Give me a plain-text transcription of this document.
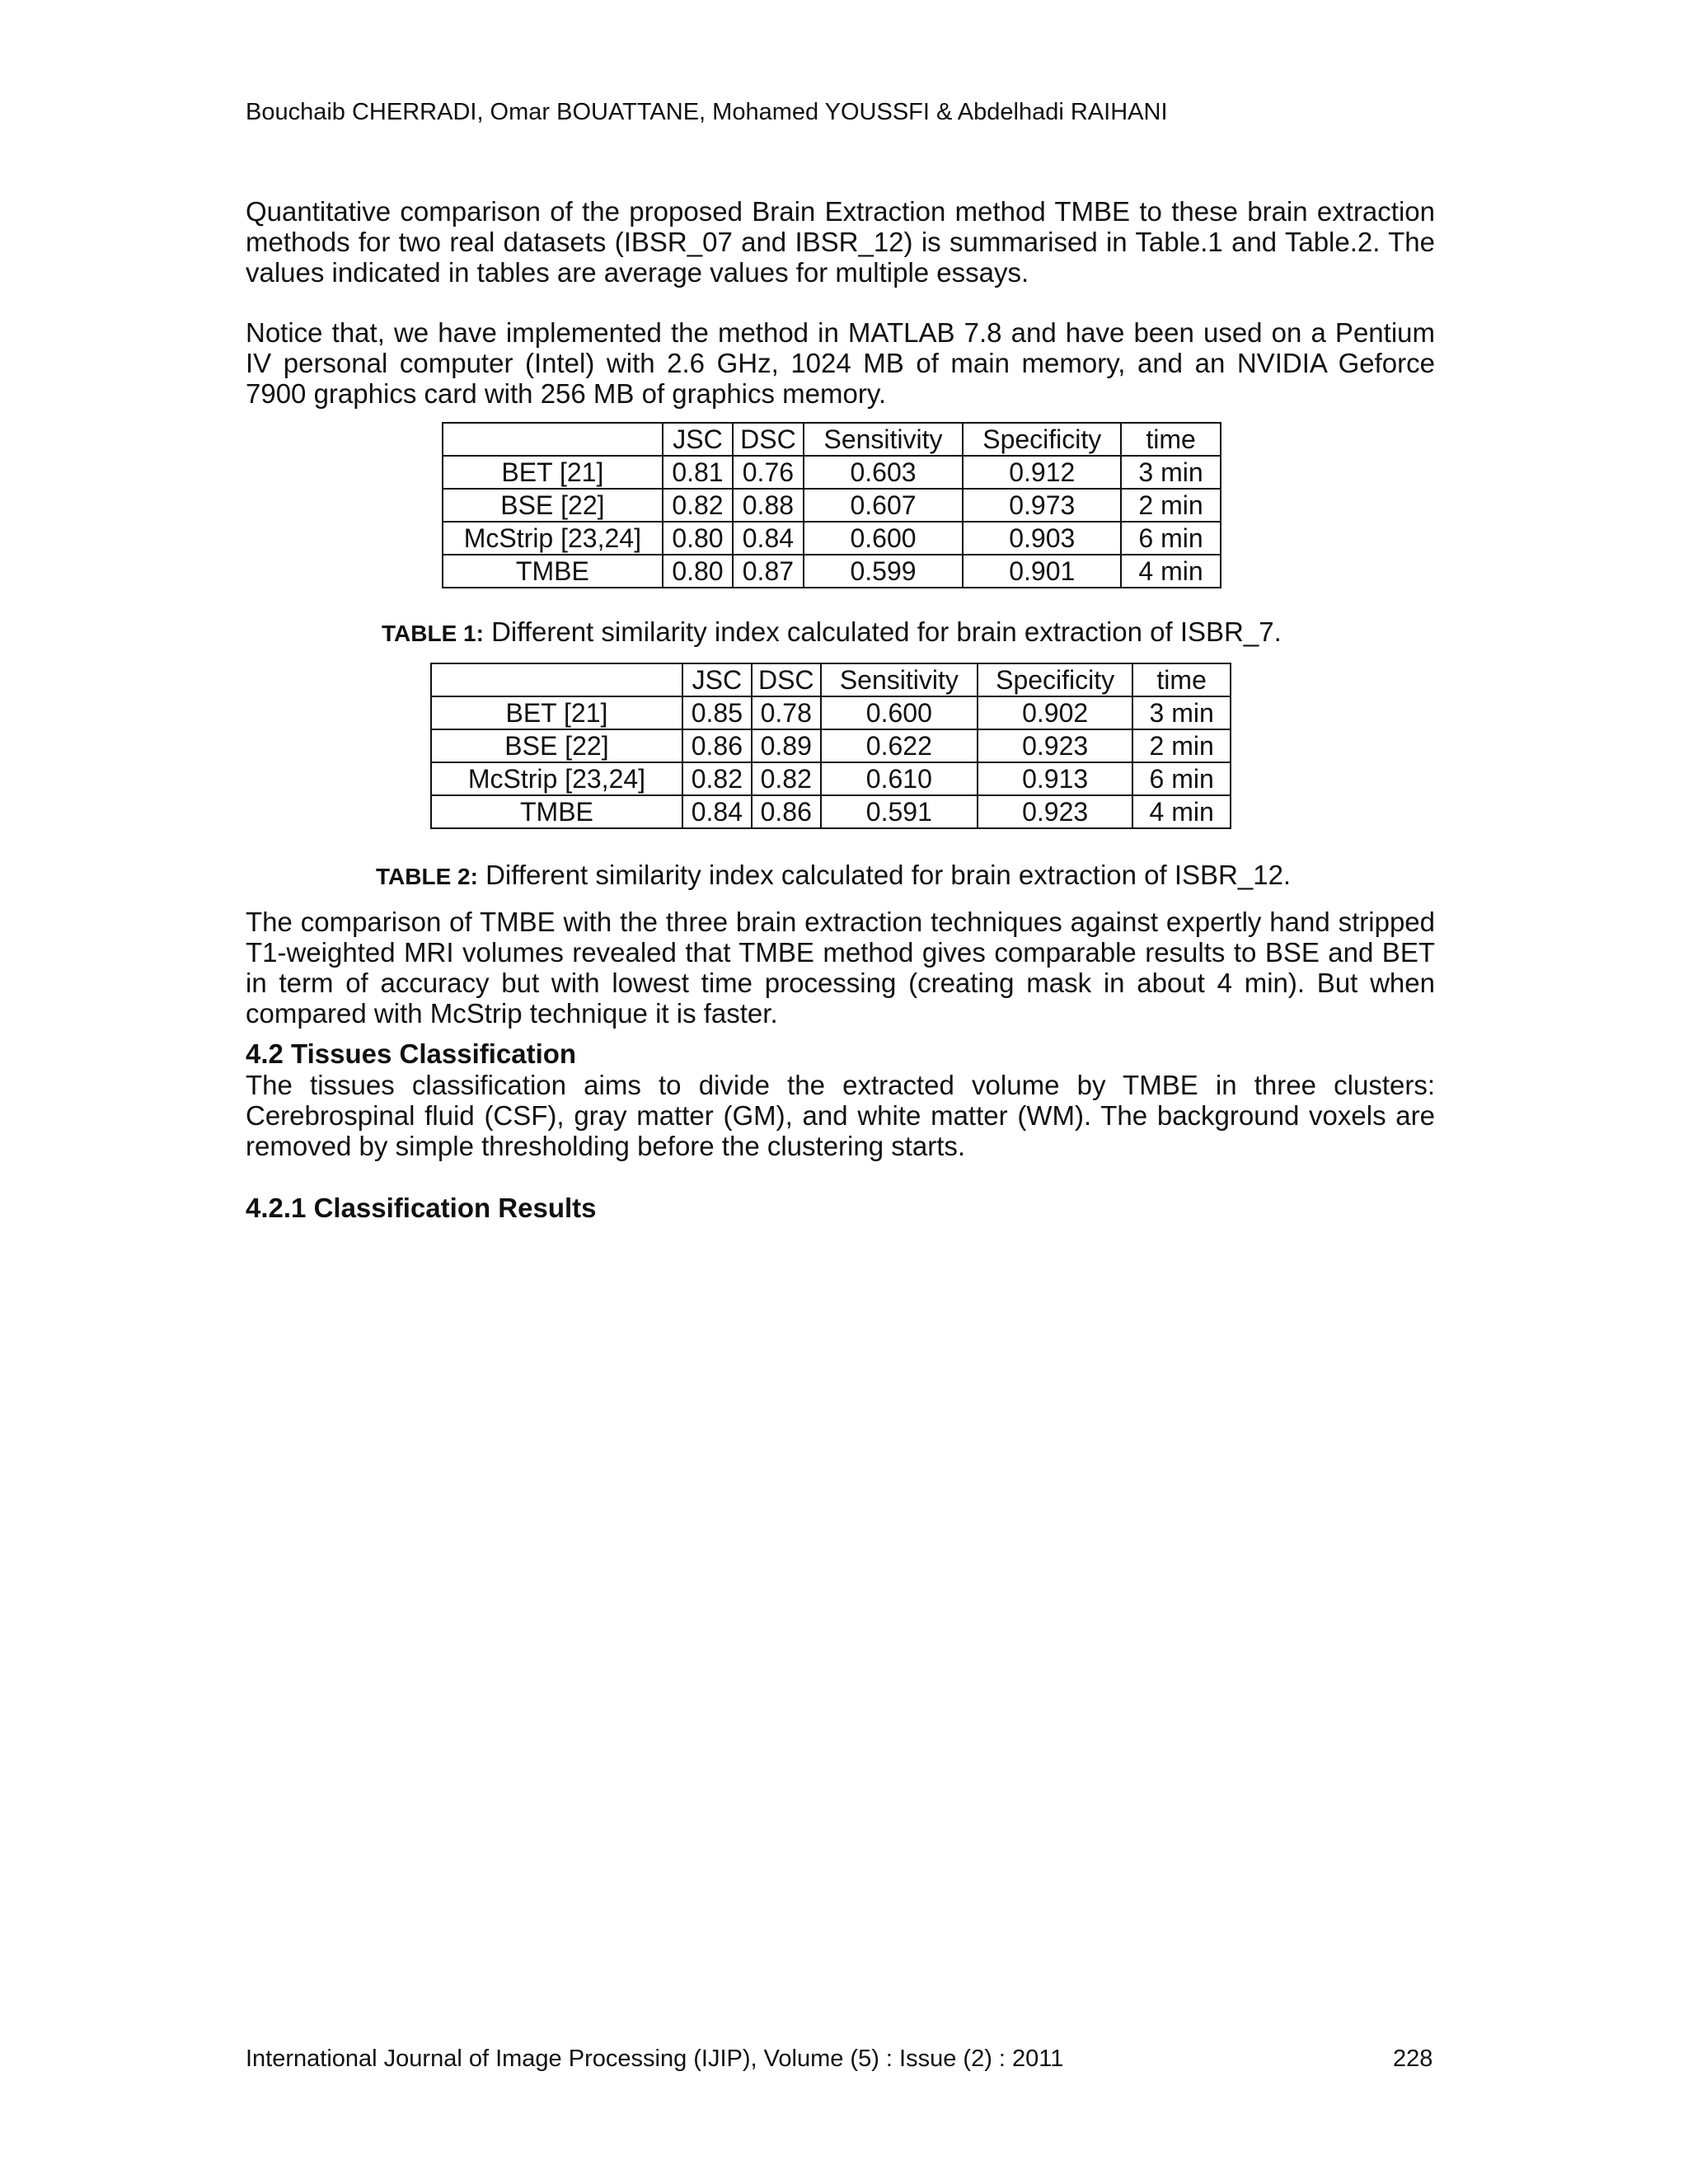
Bouchaib CHERRADI, Omar BOUATTANE, Mohamed YOUSSFI & Abdelhadi RAIHANI

Quantitative comparison of the proposed Brain Extraction method TMBE to these brain extraction methods for two real datasets (IBSR_07 and IBSR_12) is summarised in Table.1 and Table.2. The values indicated in tables are average values for multiple essays.

Notice that, we have implemented the method in MATLAB 7.8 and have been used on a Pentium IV personal computer (Intel) with 2.6 GHz, 1024 MB of main memory, and an NVIDIA Geforce 7900 graphics card with 256 MB of graphics memory.

	JSC	DSC	Sensitivity	Specificity	time
BET [21]	0.81	0.76	0.603	0.912	3 min
BSE [22]	0.82	0.88	0.607	0.973	2 min
McStrip [23,24]	0.80	0.84	0.600	0.903	6 min
TMBE	0.80	0.87	0.599	0.901	4 min
TABLE 1: Different similarity index calculated for brain extraction of ISBR_7.
	JSC	DSC	Sensitivity	Specificity	time
BET [21]	0.85	0.78	0.600	0.902	3 min
BSE [22]	0.86	0.89	0.622	0.923	2 min
McStrip [23,24]	0.82	0.82	0.610	0.913	6 min
TMBE	0.84	0.86	0.591	0.923	4 min
TABLE 2: Different similarity index calculated for brain extraction of ISBR_12.

The comparison of TMBE with the three brain extraction techniques against expertly hand stripped T1-weighted MRI volumes revealed that TMBE method gives comparable results to BSE and BET in term of accuracy but with lowest time processing (creating mask in about 4 min). But when compared with McStrip technique it is faster.

4.2 Tissues Classification

The tissues classification aims to divide the extracted volume by TMBE in three clusters: Cerebrospinal fluid (CSF), gray matter (GM), and white matter (WM). The background voxels are removed by simple thresholding before the clustering starts.

4.2.1 Classification Results
International Journal of Image Processing (IJIP), Volume (5) : Issue (2) : 2011	228
